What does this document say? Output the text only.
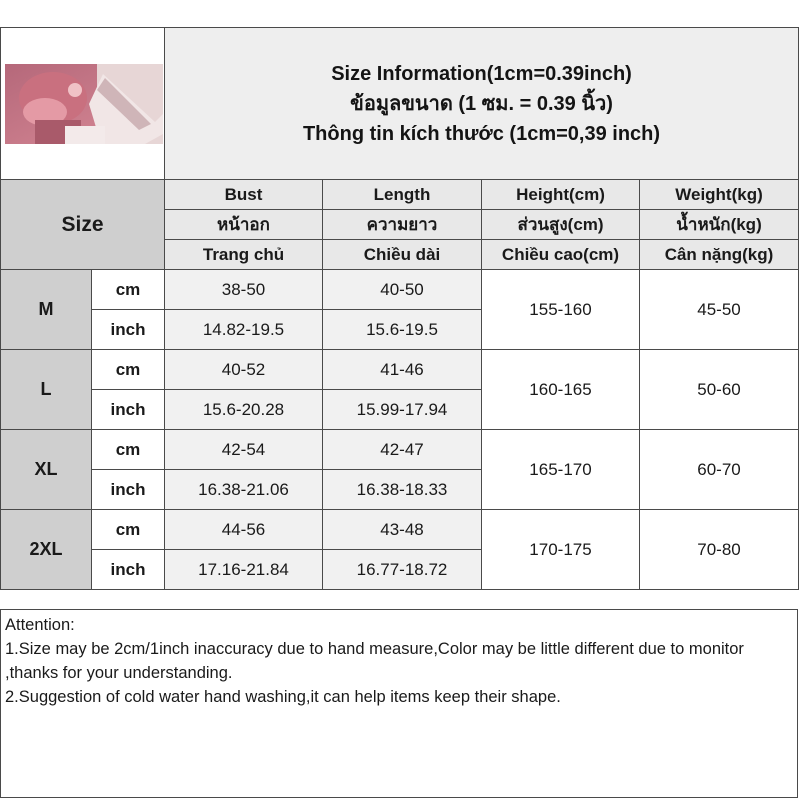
Size Information(1cm=0.39inch)
ข้อมูลขนาด (1 ซม. = 0.39 นิ้ว)
Thông tin kích thước (1cm=0,39 inch)			

Size		Bust	Length	Height(cm)	Weight(kg)
		หน้าอก	ความยาว	ส่วนสูง(cm)	น้ำหนัก(kg)
		Trang chủ	Chiều dài	Chiều cao(cm)	Cân nặng(kg)
M	cm	38-50	40-50	155-160	45-50
	inch	14.82-19.5	15.6-19.5		
L	cm	40-52	41-46	160-165	50-60
	inch	15.6-20.28	15.99-17.94		
XL	cm	42-54	42-47	165-170	60-70
	inch	16.38-21.06	16.38-18.33		
2XL	cm	44-56	43-48	170-175	70-80
	inch	17.16-21.84	16.77-18.72		
Attention:
1.Size may be 2cm/1inch inaccuracy due to hand measure,Color may be little different due to monitor ,thanks for your understanding.
2.Suggestion of cold water hand washing,it can help items keep their shape.
